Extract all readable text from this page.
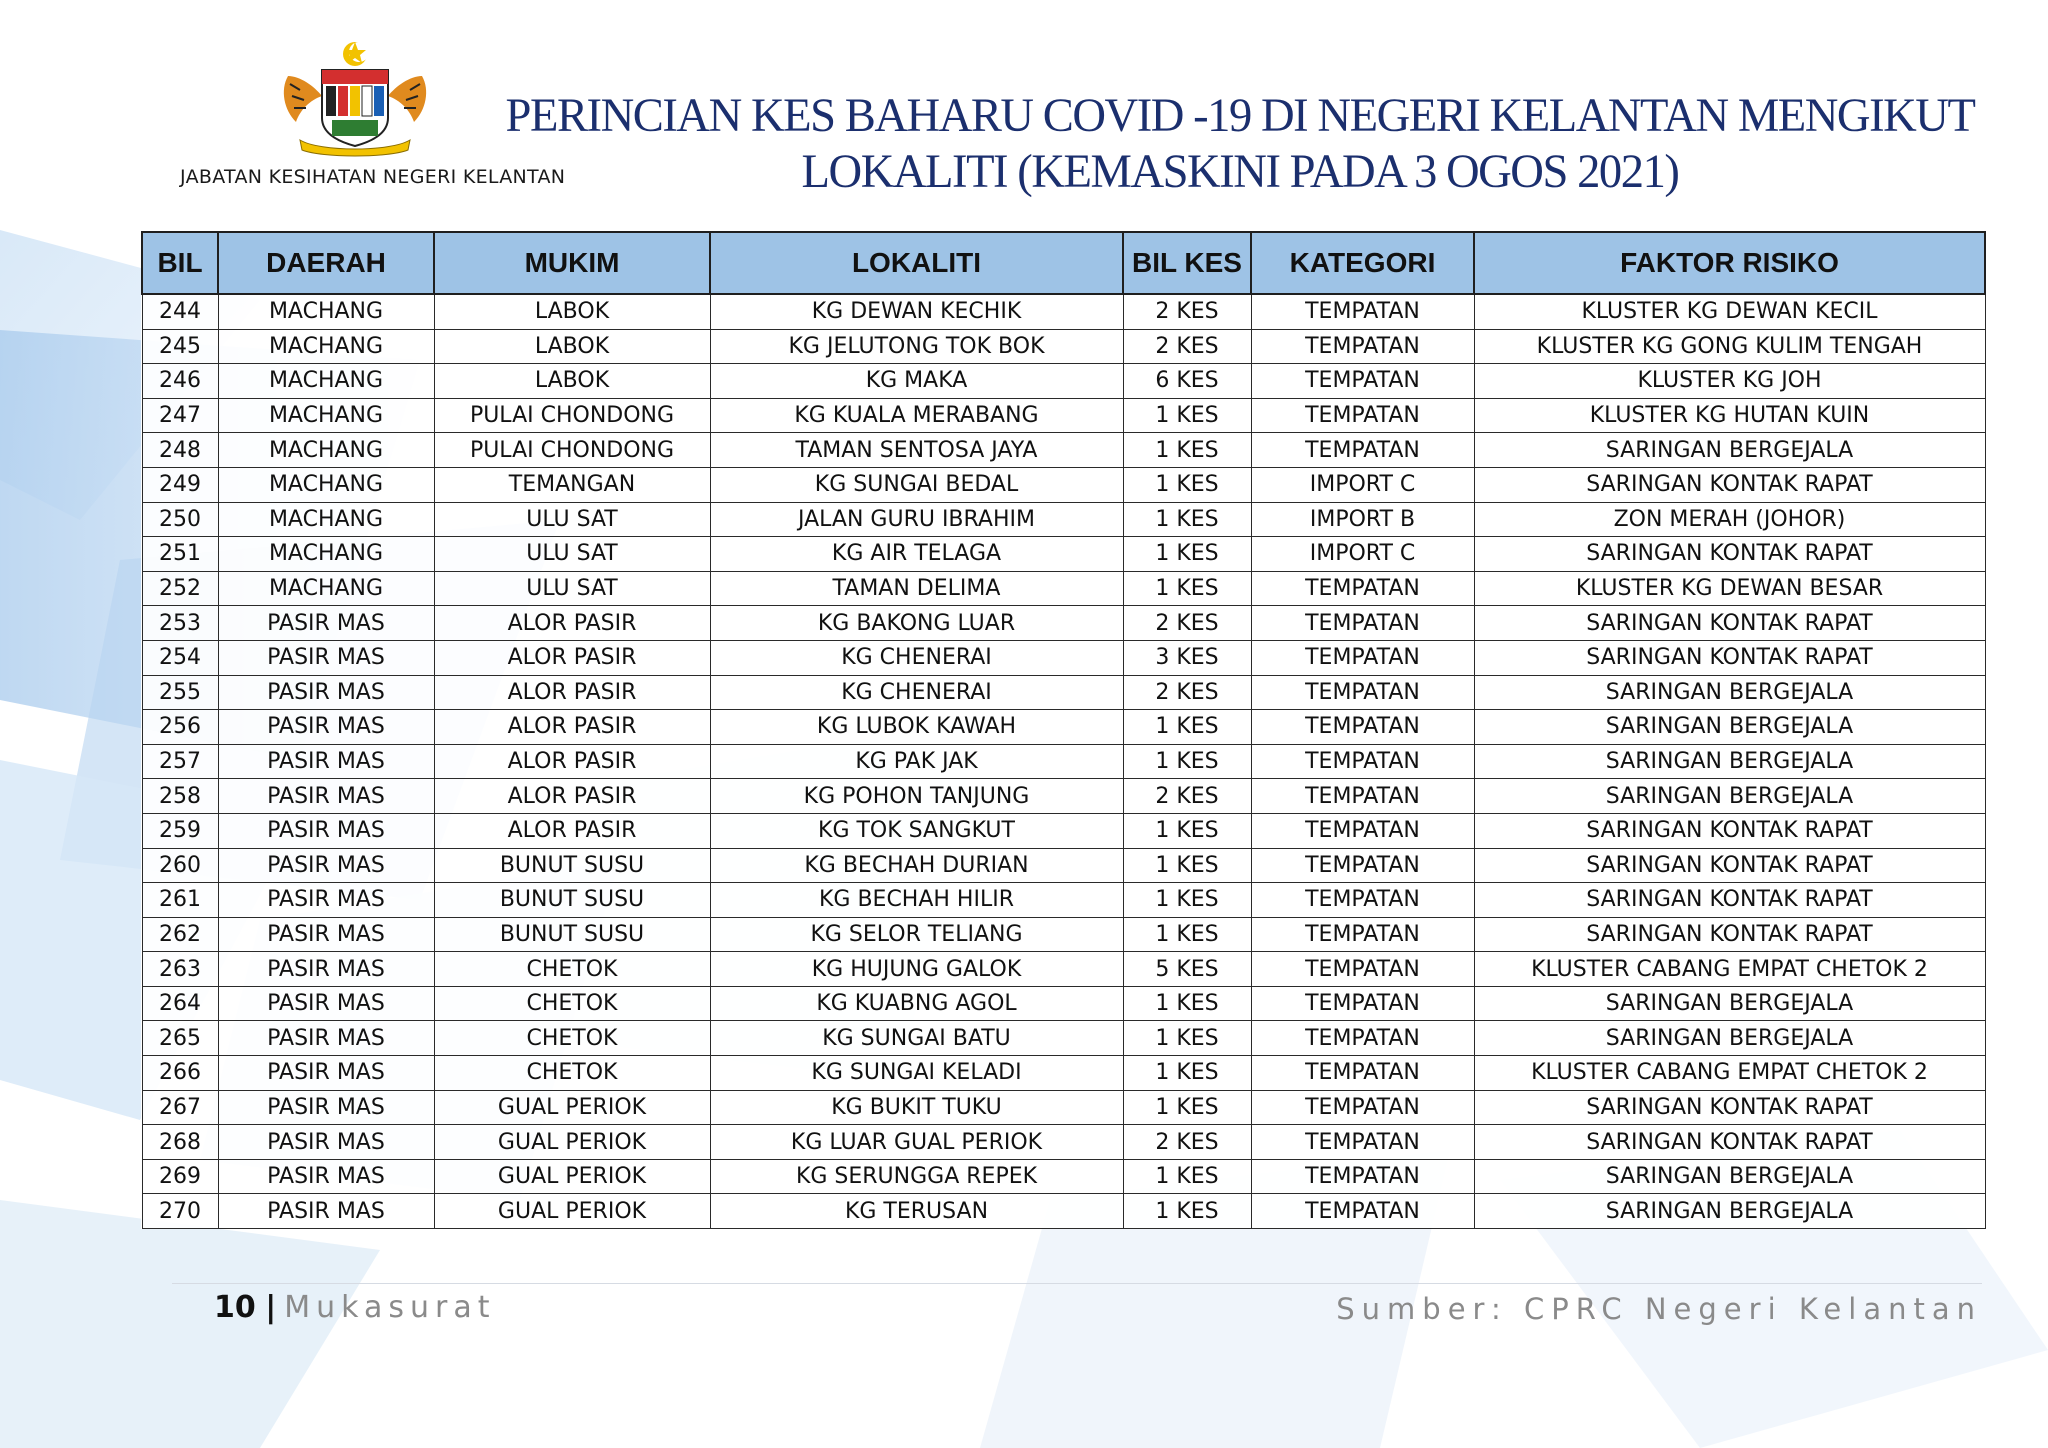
JABATAN KESIHATAN NEGERI KELANTAN
PERINCIAN KES BAHARU COVID -19 DI NEGERI KELANTAN MENGIKUT
LOKALITI (KEMASKINI PADA 3 OGOS 2021)
BIL	DAERAH	MUKIM	LOKALITI	BIL KES	KATEGORI	FAKTOR RISIKO
244	MACHANG	LABOK	KG DEWAN KECHIK	2 KES	TEMPATAN	KLUSTER KG DEWAN KECIL
245	MACHANG	LABOK	KG JELUTONG TOK BOK	2 KES	TEMPATAN	KLUSTER KG GONG KULIM TENGAH
246	MACHANG	LABOK	KG MAKA	6 KES	TEMPATAN	KLUSTER KG JOH
247	MACHANG	PULAI CHONDONG	KG KUALA MERABANG	1 KES	TEMPATAN	KLUSTER KG HUTAN KUIN
248	MACHANG	PULAI CHONDONG	TAMAN SENTOSA JAYA	1 KES	TEMPATAN	SARINGAN BERGEJALA
249	MACHANG	TEMANGAN	KG SUNGAI BEDAL	1 KES	IMPORT C	SARINGAN KONTAK RAPAT
250	MACHANG	ULU SAT	JALAN GURU IBRAHIM	1 KES	IMPORT B	ZON MERAH (JOHOR)
251	MACHANG	ULU SAT	KG AIR TELAGA	1 KES	IMPORT C	SARINGAN KONTAK RAPAT
252	MACHANG	ULU SAT	TAMAN DELIMA	1 KES	TEMPATAN	KLUSTER KG DEWAN BESAR
253	PASIR MAS	ALOR PASIR	KG BAKONG LUAR	2 KES	TEMPATAN	SARINGAN KONTAK RAPAT
254	PASIR MAS	ALOR PASIR	KG CHENERAI	3 KES	TEMPATAN	SARINGAN KONTAK RAPAT
255	PASIR MAS	ALOR PASIR	KG CHENERAI	2 KES	TEMPATAN	SARINGAN BERGEJALA
256	PASIR MAS	ALOR PASIR	KG LUBOK KAWAH	1 KES	TEMPATAN	SARINGAN BERGEJALA
257	PASIR MAS	ALOR PASIR	KG PAK JAK	1 KES	TEMPATAN	SARINGAN BERGEJALA
258	PASIR MAS	ALOR PASIR	KG POHON TANJUNG	2 KES	TEMPATAN	SARINGAN BERGEJALA
259	PASIR MAS	ALOR PASIR	KG TOK SANGKUT	1 KES	TEMPATAN	SARINGAN KONTAK RAPAT
260	PASIR MAS	BUNUT SUSU	KG BECHAH DURIAN	1 KES	TEMPATAN	SARINGAN KONTAK RAPAT
261	PASIR MAS	BUNUT SUSU	KG BECHAH HILIR	1 KES	TEMPATAN	SARINGAN KONTAK RAPAT
262	PASIR MAS	BUNUT SUSU	KG SELOR TELIANG	1 KES	TEMPATAN	SARINGAN KONTAK RAPAT
263	PASIR MAS	CHETOK	KG HUJUNG GALOK	5 KES	TEMPATAN	KLUSTER CABANG EMPAT CHETOK 2
264	PASIR MAS	CHETOK	KG KUABNG AGOL	1 KES	TEMPATAN	SARINGAN BERGEJALA
265	PASIR MAS	CHETOK	KG SUNGAI BATU	1 KES	TEMPATAN	SARINGAN BERGEJALA
266	PASIR MAS	CHETOK	KG SUNGAI KELADI	1 KES	TEMPATAN	KLUSTER CABANG EMPAT CHETOK 2
267	PASIR MAS	GUAL PERIOK	KG BUKIT TUKU	1 KES	TEMPATAN	SARINGAN KONTAK RAPAT
268	PASIR MAS	GUAL PERIOK	KG LUAR GUAL PERIOK	2 KES	TEMPATAN	SARINGAN KONTAK RAPAT
269	PASIR MAS	GUAL PERIOK	KG SERUNGGA REPEK	1 KES	TEMPATAN	SARINGAN BERGEJALA
270	PASIR MAS	GUAL PERIOK	KG TERUSAN	1 KES	TEMPATAN	SARINGAN BERGEJALA
10 | Mukasurat	Sumber: CPRC Negeri Kelantan
